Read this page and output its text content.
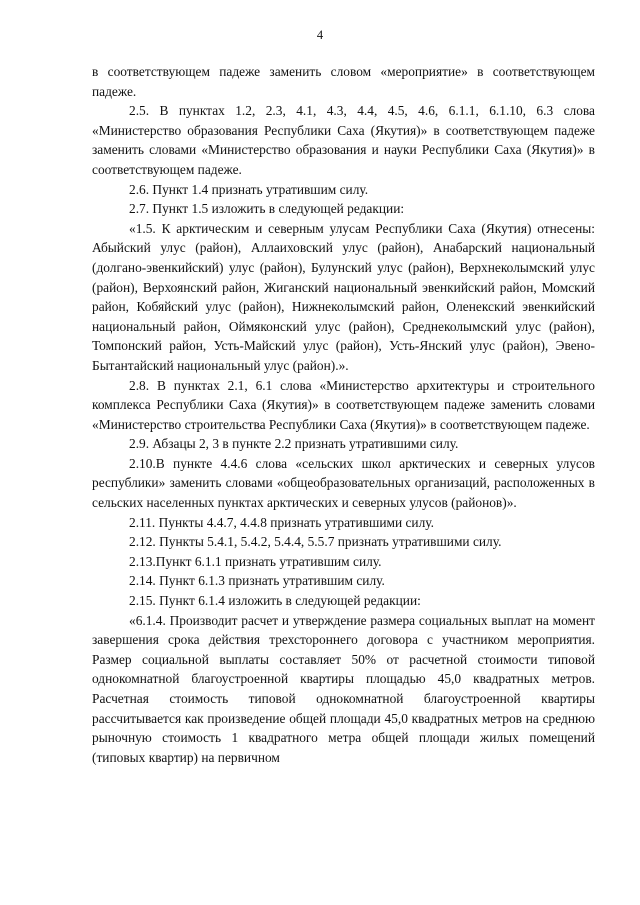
4

в соответствующем падеже заменить словом «мероприятие» в соответствующем падеже.

2.5. В пунктах 1.2, 2.3, 4.1, 4.3, 4.4, 4.5, 4.6, 6.1.1, 6.1.10, 6.3 слова «Министерство образования Республики Саха (Якутия)» в соответствующем падеже заменить словами «Министерство образования и науки Республики Саха (Якутия)» в соответствующем падеже.

2.6. Пункт 1.4 признать утратившим силу.

2.7. Пункт 1.5 изложить в следующей редакции:

«1.5. К арктическим и северным улусам Республики Саха (Якутия) отнесены: Абыйский улус (район), Аллаиховский улус (район), Анабарский национальный (долгано-эвенкийский) улус (район), Булунский улус (район), Верхнеколымский улус (район), Верхоянский район, Жиганский национальный эвенкийский район, Момский район, Кобяйский улус (район), Нижнеколымский район, Оленекский эвенкийский национальный район, Оймяконский улус (район), Среднеколымский улус (район), Томпонский район, Усть-Майский улус (район), Усть-Янский улус (район), Эвено-Бытантайский национальный улус (район).».

2.8. В пунктах 2.1, 6.1 слова «Министерство архитектуры и строительного комплекса Республики Саха (Якутия)» в соответствующем падеже заменить словами «Министерство строительства Республики Саха (Якутия)» в соответствующем падеже.

2.9. Абзацы 2, 3 в пункте 2.2 признать утратившими силу.

2.10.В пункте 4.4.6 слова «сельских школ арктических и северных улусов республики» заменить словами «общеобразовательных организаций, расположенных в сельских населенных пунктах арктических и северных улусов (районов)».

2.11. Пункты 4.4.7, 4.4.8 признать утратившими силу.

2.12. Пункты 5.4.1, 5.4.2, 5.4.4, 5.5.7 признать утратившими силу.

2.13.Пункт 6.1.1 признать утратившим силу.

2.14. Пункт 6.1.3 признать утратившим силу.

2.15. Пункт 6.1.4 изложить в следующей редакции:

«6.1.4. Производит расчет и утверждение размера социальных выплат на момент завершения срока действия трехстороннего договора с участником мероприятия. Размер социальной выплаты составляет 50% от расчетной стоимости типовой однокомнатной благоустроенной квартиры площадью 45,0 квадратных метров. Расчетная стоимость типовой однокомнатной благоустроенной квартиры рассчитывается как произведение общей площади 45,0 квадратных метров на среднюю рыночную стоимость 1 квадратного метра общей площади жилых помещений (типовых квартир) на первичном
